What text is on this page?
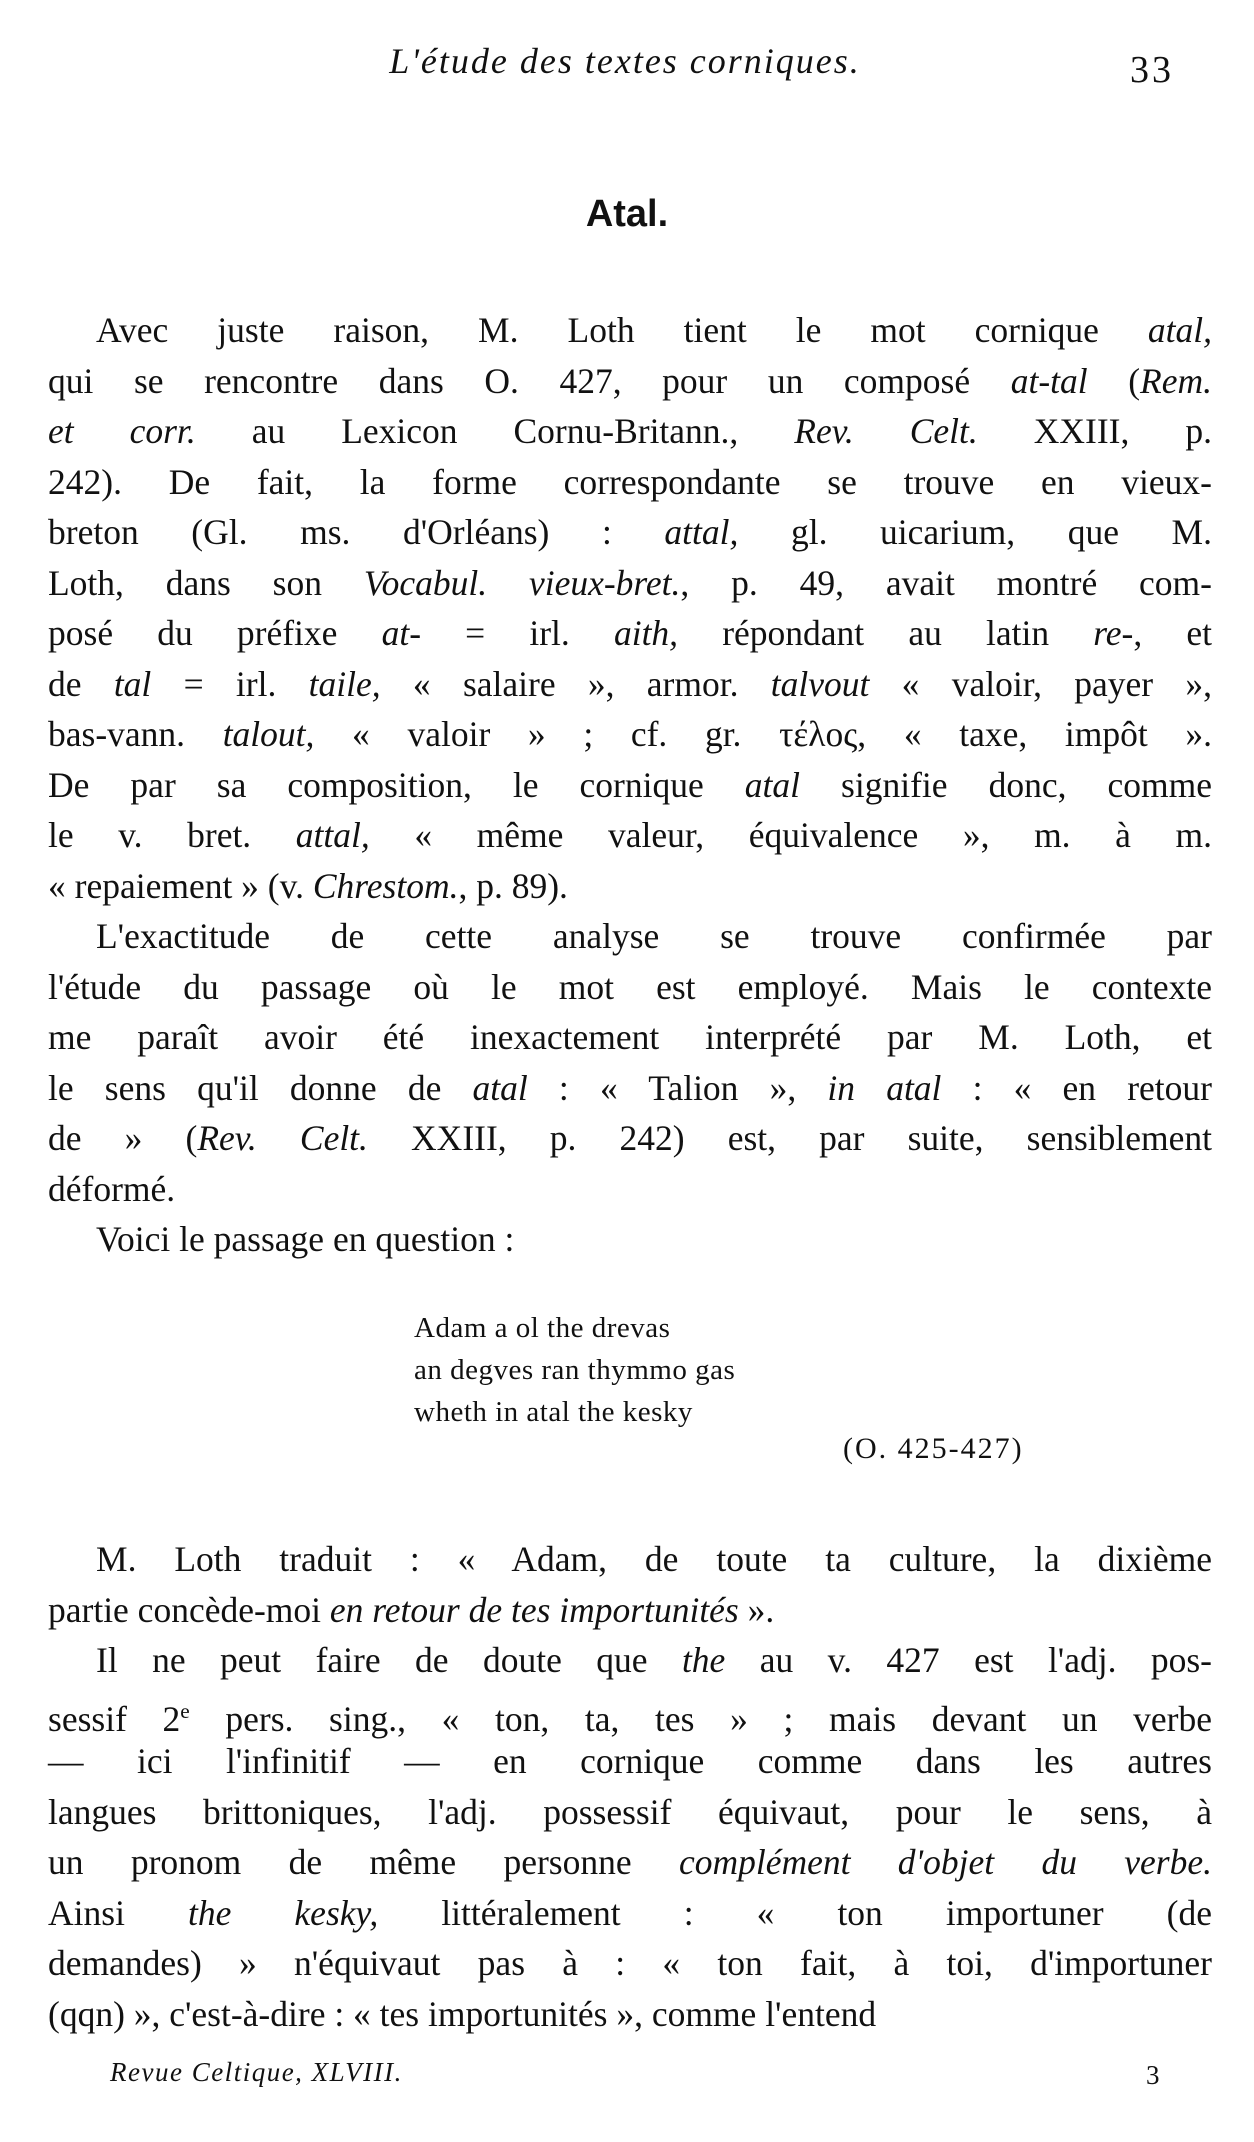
L'étude des textes corniques.	33
Atal.
Avec juste raison, M. Loth tient le mot cornique atal,
qui se rencontre dans O. 427, pour un composé at-tal (Rem.
et corr. au Lexicon Cornu-Britann., Rev. Celt. XXIII, p.
242). De fait, la forme correspondante se trouve en vieux-
breton (Gl. ms. d'Orléans) : attal, gl. uicarium, que M.
Loth, dans son Vocabul. vieux-bret., p. 49, avait montré com-
posé du préfixe at- = irl. aith, répondant au latin re-, et
de tal = irl. taile, « salaire », armor. talvout « valoir, payer »,
bas-vann. talout, « valoir » ; cf. gr. τέλος, « taxe, impôt ».
De par sa composition, le cornique atal signifie donc, comme
le v. bret. attal, « même valeur, équivalence », m. à m.
« repaiement » (v. Chrestom., p. 89).
L'exactitude de cette analyse se trouve confirmée par
l'étude du passage où le mot est employé. Mais le contexte
me paraît avoir été inexactement interprété par M. Loth, et
le sens qu'il donne de atal : « Talion », in atal : « en retour
de » (Rev. Celt. XXIII, p. 242) est, par suite, sensiblement
déformé.
Voici le passage en question :
Adam a ol the drevas
an degves ran thymmo gas
wheth in atal the kesky
(O. 425-427)
M. Loth traduit : « Adam, de toute ta culture, la dixième
partie concède-moi en retour de tes importunités ».
Il ne peut faire de doute que the au v. 427 est l'adj. pos-
sessif 2e pers. sing., « ton, ta, tes » ; mais devant un verbe
— ici l'infinitif — en cornique comme dans les autres
langues brittoniques, l'adj. possessif équivaut, pour le sens, à
un pronom de même personne complément d'objet du verbe.
Ainsi the kesky, littéralement : « ton importuner (de
demandes) » n'équivaut pas à : « ton fait, à toi, d'importuner
(qqn) », c'est-à-dire : « tes importunités », comme l'entend
Revue Celtique, XLVIII.	3
